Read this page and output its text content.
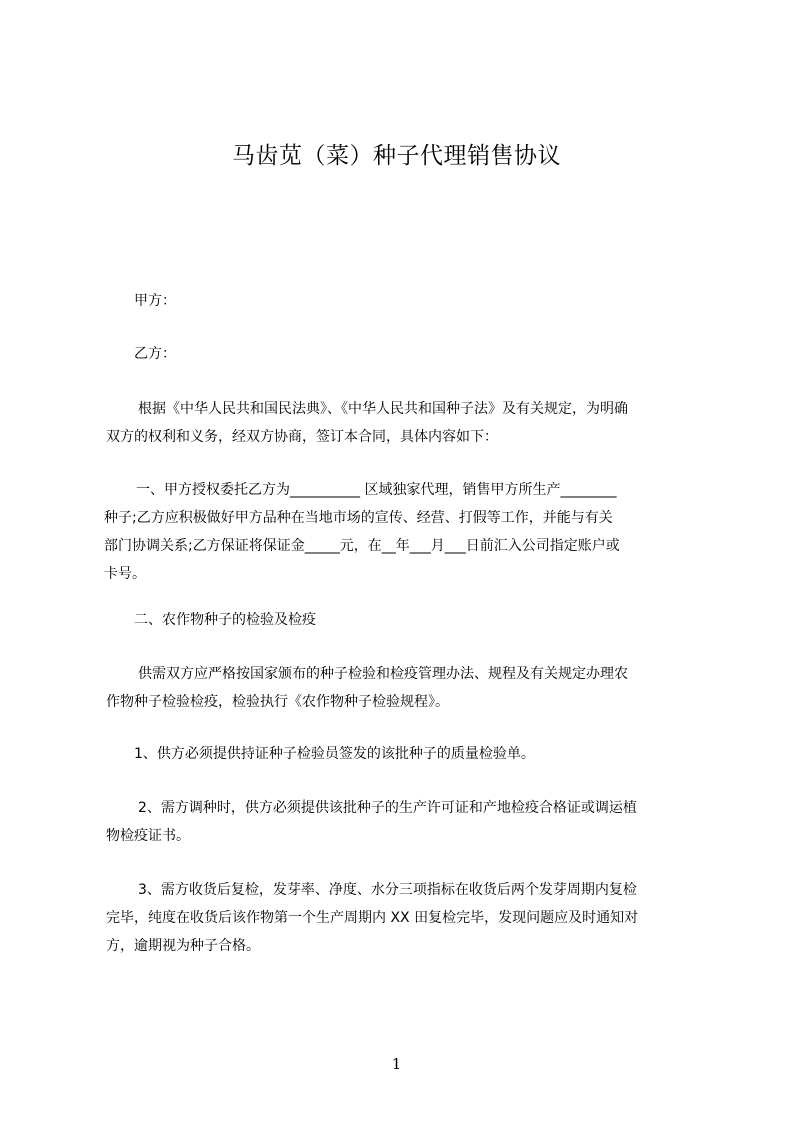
马齿苋（菜）种子代理销售协议
甲方：
乙方：
根据《中华人民共和国民法典》、《中华人民共和国种子法》及有关规定，为明确
双方的权利和义务，经双方协商，签订本合同，具体内容如下：
一、甲方授权委托乙方为__________ 区域独家代理，销售甲方所生产________
种子;乙方应积极做好甲方品种在当地市场的宣传、经营、打假等工作，并能与有关
部门协调关系;乙方保证将保证金_____元，在__年___月___日前汇入公司指定账户或
卡号。
二、农作物种子的检验及检疫
供需双方应严格按国家颁布的种子检验和检疫管理办法、规程及有关规定办理农
作物种子检验检疫，检验执行《农作物种子检验规程》。
1、供方必须提供持证种子检验员签发的该批种子的质量检验单。
2、需方调种时，供方必须提供该批种子的生产许可证和产地检疫合格证或调运植
物检疫证书。
3、需方收货后复检，发芽率、净度、水分三项指标在收货后两个发芽周期内复检
完毕，纯度在收货后该作物第一个生产周期内 XX 田复检完毕，发现问题应及时通知对
方，逾期视为种子合格。
1
